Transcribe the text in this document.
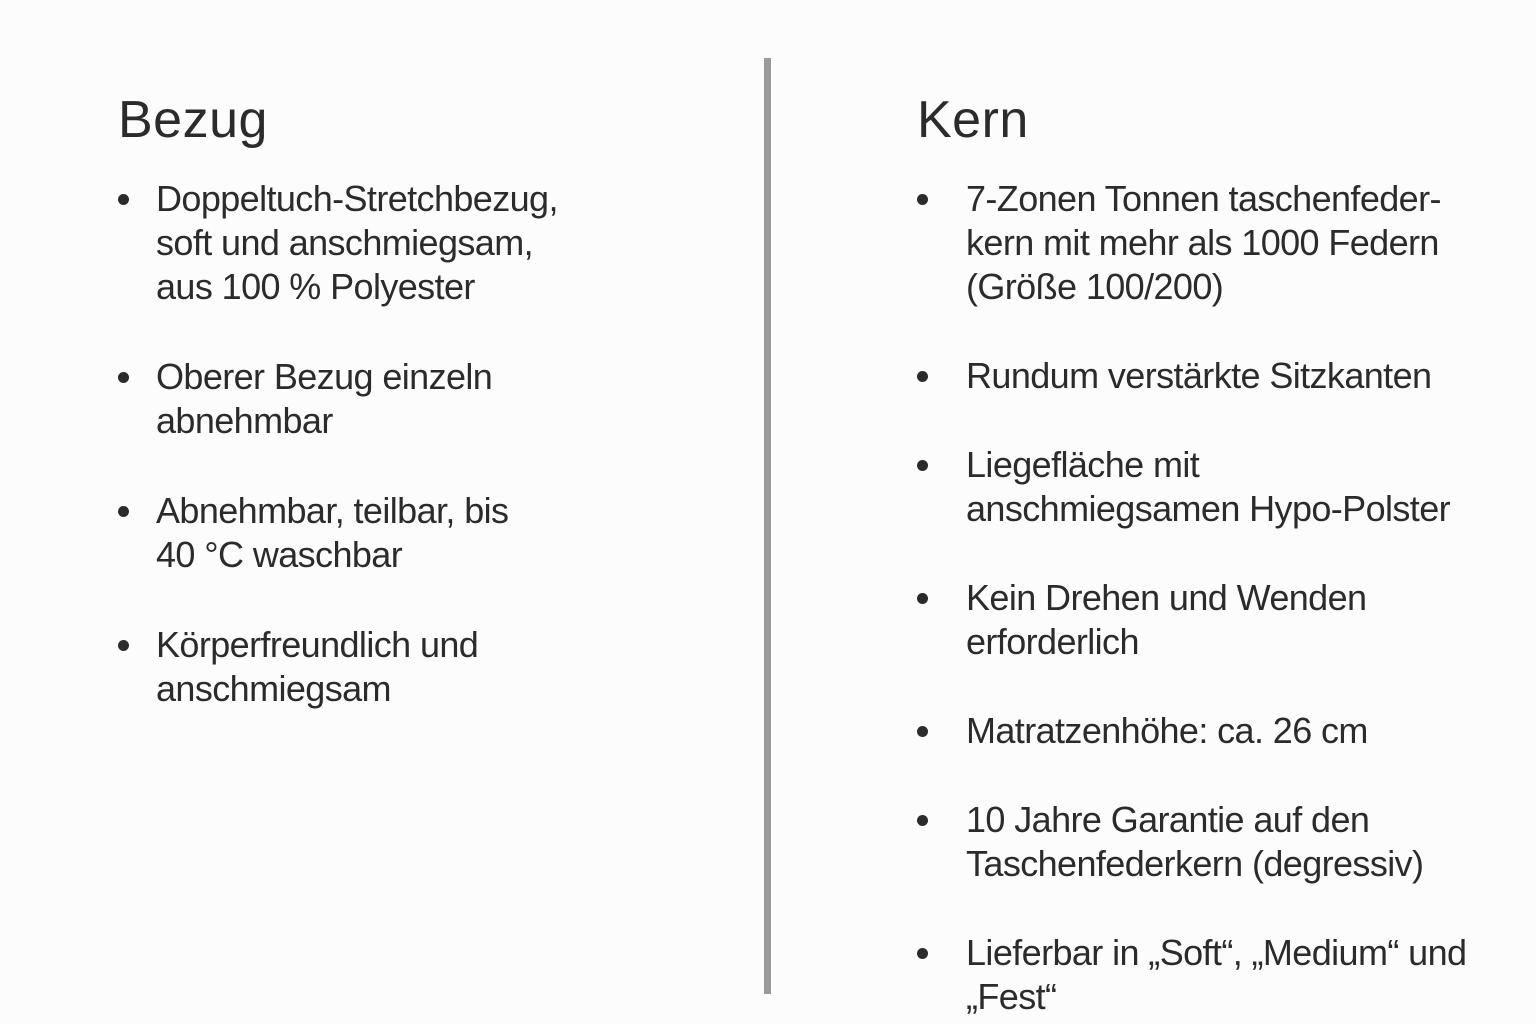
Bezug
Doppeltuch-Stretchbezug,
soft und anschmiegsam,
aus 100 % Polyester
Oberer Bezug einzeln
abnehmbar
Abnehmbar, teilbar, bis
40 °C waschbar
Körperfreundlich und
anschmiegsam
Kern
7-Zonen Tonnen taschenfeder-
kern mit mehr als 1000 Federn
(Größe 100/200)
Rundum verstärkte Sitzkanten
Liegefläche mit
anschmiegsamen Hypo-Polster
Kein Drehen und Wenden
erforderlich
Matratzenhöhe: ca. 26 cm
10 Jahre Garantie auf den
Taschenfederkern (degressiv)
Lieferbar in „Soft“, „Medium“ und
„Fest“
